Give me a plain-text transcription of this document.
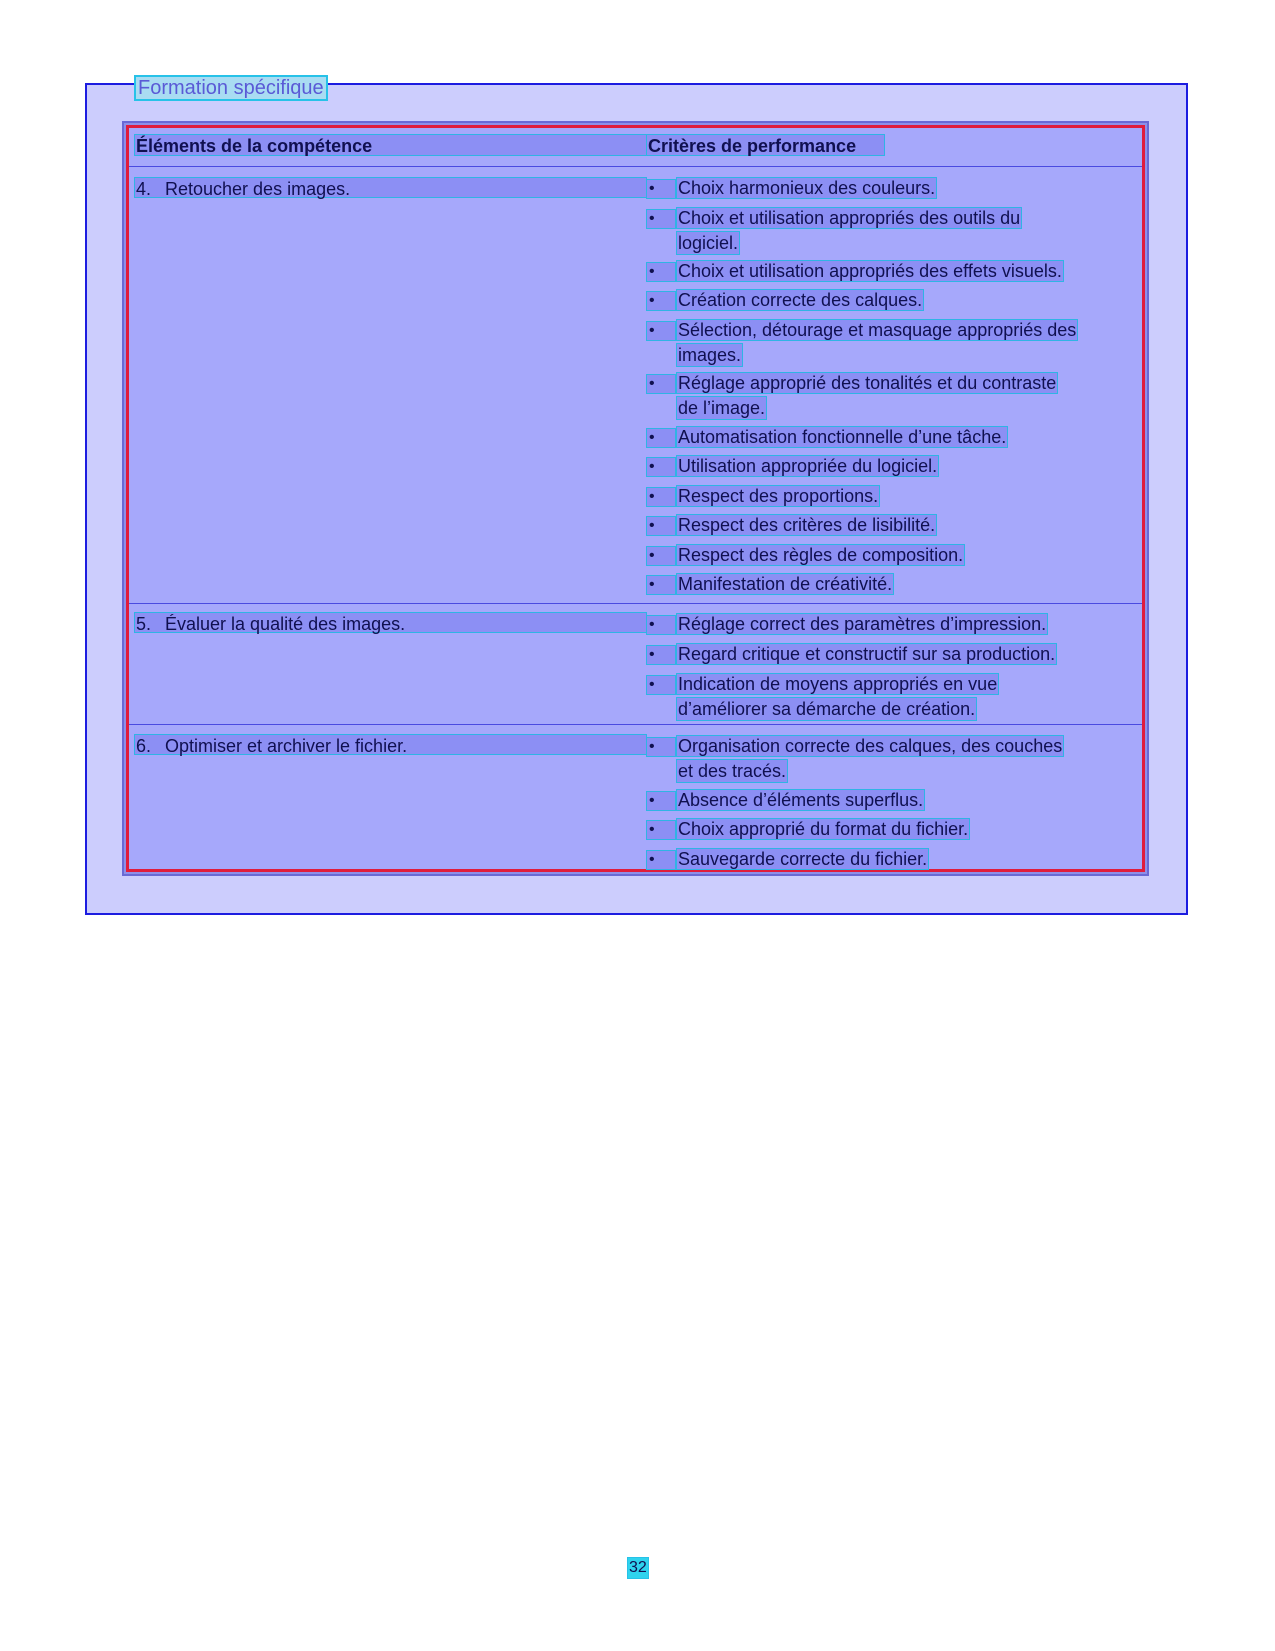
Formation spécifique
Éléments de la compétence	Critères de performance
4. Retoucher des images.	•	Choix harmonieux des couleurs.
•	Choix et utilisation appropriés des outils du
logiciel.
•	Choix et utilisation appropriés des effets visuels.
•	Création correcte des calques.
•	Sélection, détourage et masquage appropriés des
images.
•	Réglage approprié des tonalités et du contraste
de l’image.
•	Automatisation fonctionnelle d’une tâche.
•	Utilisation appropriée du logiciel.
•	Respect des proportions.
•	Respect des critères de lisibilité.
•	Respect des règles de composition.
•	Manifestation de créativité.
5. Évaluer la qualité des images.	•	Réglage correct des paramètres d’impression.
•	Regard critique et constructif sur sa production.
•	Indication de moyens appropriés en vue
d’améliorer sa démarche de création.
6. Optimiser et archiver le fichier.	•	Organisation correcte des calques, des couches
et des tracés.
•	Absence d’éléments superflus.
•	Choix approprié du format du fichier.
•	Sauvegarde correcte du fichier.
32
